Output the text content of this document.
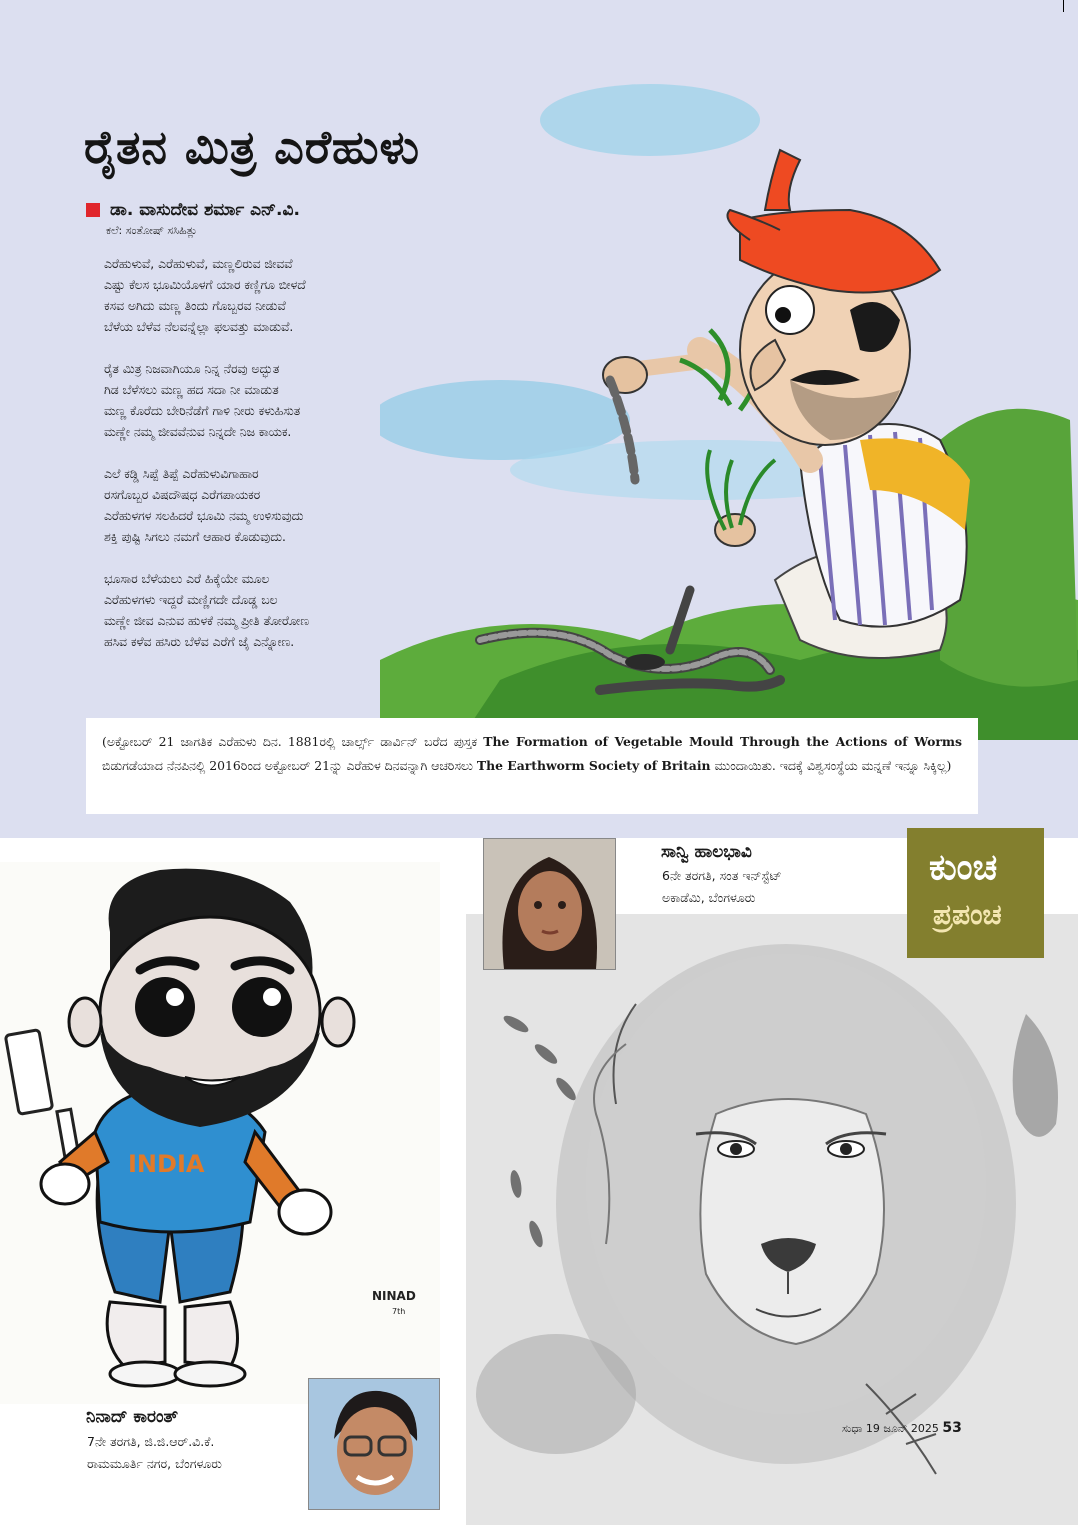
ರೈತನ ಮಿತ್ರ ಎರೆಹುಳು
ಡಾ. ವಾಸುದೇವ ಶರ್ಮಾ ಎನ್‌.ವಿ.
ಕಲೆ: ಸಂತೋಷ್ ಸಸಿಹಿತ್ಲು
ಎರೆಹುಳುವೆ, ಎರೆಹುಳುವೆ, ಮಣ್ಣಲಿರುವ ಜೀವವೆ
ಎಷ್ಟು ಕೆಲಸ ಭೂಮಿಯೊಳಗೆ ಯಾರ ಕಣ್ಣಿಗೂ ಬೀಳದೆ
ಕಸವ ಅಗಿದು ಮಣ್ಣ ತಿಂದು ಗೊಬ್ಬರವ ನೀಡುವೆ
ಬೆಳೆಯ ಬೆಳೆವ ನೆಲವನ್ನೆಲ್ಲಾ ಫಲವತ್ತು ಮಾಡುವೆ.
ರೈತ ಮಿತ್ರ ನಿಜವಾಗಿಯೂ ನಿನ್ನ ನೆರವು ಅದ್ಭುತ
ಗಿಡ ಬೆಳೆಸಲು ಮಣ್ಣ ಹದ ಸದಾ ನೀ ಮಾಡುತ
ಮಣ್ಣ ಕೊರೆದು ಬೇರಿನೆಡೆಗೆ ಗಾಳಿ ನೀರು ಕಳುಹಿಸುತ
ಮಣ್ಣೇ ನಮ್ಮ ಜೀವವೆನುವ ನಿನ್ನದೇ ನಿಜ ಕಾಯಕ.
ಎಲೆ ಕಡ್ಡಿ ಸಿಪ್ಪೆ ತಿಪ್ಪೆ ಎರೆಹುಳುವಿಗಾಹಾರ
ರಸಗೊಬ್ಬರ ವಿಷದೌಷಧ ಎರೆಗಪಾಯಕರ
ಎರೆಹುಳಗಳ ಸಲಹಿದರೆ ಭೂಮಿ ನಮ್ಮ ಉಳಿಸುವುದು
ಶಕ್ತಿ ಪುಷ್ಟಿ ಸಿಗಲು ನಮಗೆ ಆಹಾರ ಕೊಡುವುದು.
ಭೂಸಾರ ಬೆಳೆಯಲು ಎರೆ ಹಿಕ್ಕೆಯೇ ಮೂಲ
ಎರೆಹುಳಗಳು ಇದ್ದರೆ ಮಣ್ಣಿಗದೇ ದೊಡ್ಡ ಬಲ
ಮಣ್ಣೇ ಜೀವ ಎನುವ ಹುಳಕೆ ನಮ್ಮ ಪ್ರೀತಿ ತೋರೋಣ
ಹಸಿವ ಕಳೆವ ಹಸಿರು ಬೆಳೆವ ಎರೆಗೆ ಜೈ ಎನ್ನೋಣ.
(ಅಕ್ಟೋಬರ್ 21 ಜಾಗತಿಕ ಎರೆಹುಳು ದಿನ. 1881ರಲ್ಲಿ ಚಾರ್ಲ್ಸ್ ಡಾರ್ವಿನ್ ಬರೆದ ಪುಸ್ತಕ The Formation of Vegetable Mould Through the Actions of Worms ಬಿಡುಗಡೆಯಾದ ನೆನಪಿನಲ್ಲಿ 2016ರಿಂದ ಅಕ್ಟೋಬರ್ 21ನ್ನು ಎರೆಹುಳ ದಿನವನ್ನಾಗಿ ಆಚರಿಸಲು The Earthworm Society of Britain ಮುಂದಾಯಿತು. ಇದಕ್ಕೆ ವಿಶ್ವಸಂಸ್ಥೆಯ ಮನ್ನಣೆ ಇನ್ನೂ ಸಿಕ್ಕಿಲ್ಲ)
INDIA
NINAD
7th
ಕುಂಚ
ಪ್ರಪಂಚ
ಸಾನ್ವಿ ಹಾಲಭಾವಿ
6ನೇ ತರಗತಿ, ಸಂತ ಇನ್‌ಸ್ಟೆಟ್
ಅಕಾಡೆಮಿ, ಬೆಂಗಳೂರು
ನಿನಾದ್ ಕಾರಂತ್
7ನೇ ತರಗತಿ, ಜಿ.ಜಿ.ಆರ್.ವಿ.ಕೆ.
ರಾಮಮೂರ್ತಿ ನಗರ, ಬೆಂಗಳೂರು
ಸುಧಾ 19 ಜೂನ್ 2025 53
